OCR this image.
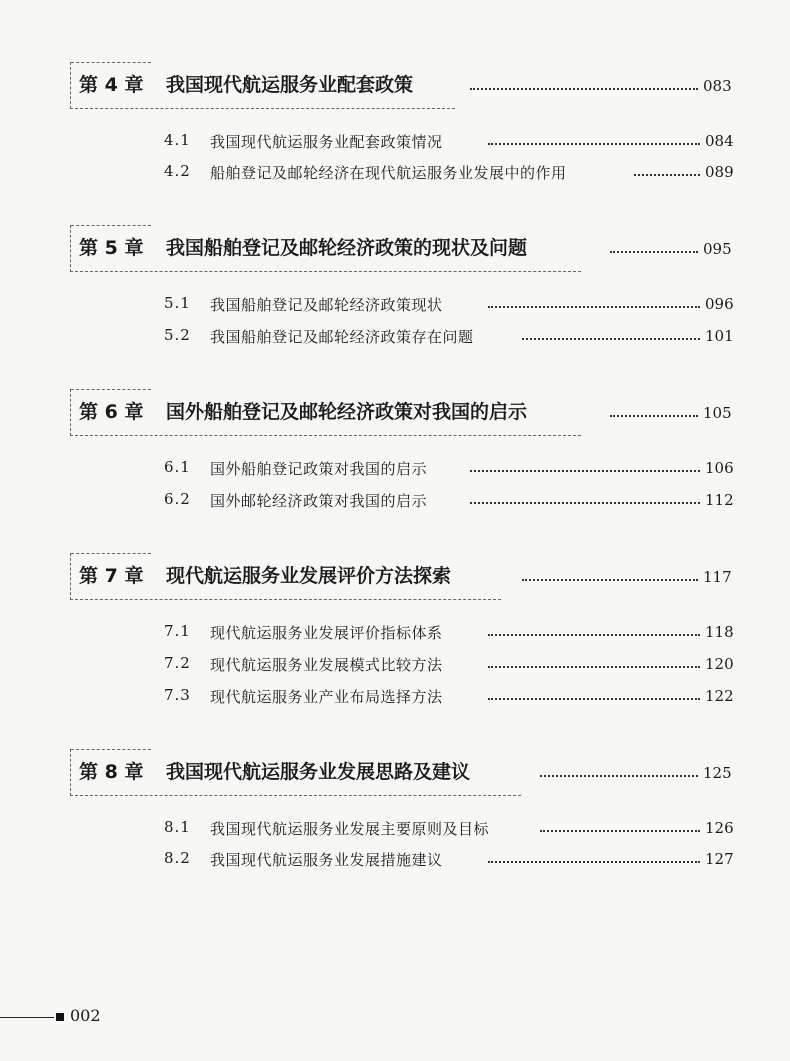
第 4 章 我国现代航运服务业配套政策	083
4.1 我国现代航运服务业配套政策情况	084
4.2 船舶登记及邮轮经济在现代航运服务业发展中的作用	089
第 5 章 我国船舶登记及邮轮经济政策的现状及问题	095
5.1 我国船舶登记及邮轮经济政策现状	096
5.2 我国船舶登记及邮轮经济政策存在问题	101
第 6 章 国外船舶登记及邮轮经济政策对我国的启示	105
6.1 国外船舶登记政策对我国的启示	106
6.2 国外邮轮经济政策对我国的启示	112
第 7 章 现代航运服务业发展评价方法探索	117
7.1 现代航运服务业发展评价指标体系	118
7.2 现代航运服务业发展模式比较方法	120
7.3 现代航运服务业产业布局选择方法	122
第 8 章 我国现代航运服务业发展思路及建议	125
8.1 我国现代航运服务业发展主要原则及目标	126
8.2 我国现代航运服务业发展措施建议	127
002
